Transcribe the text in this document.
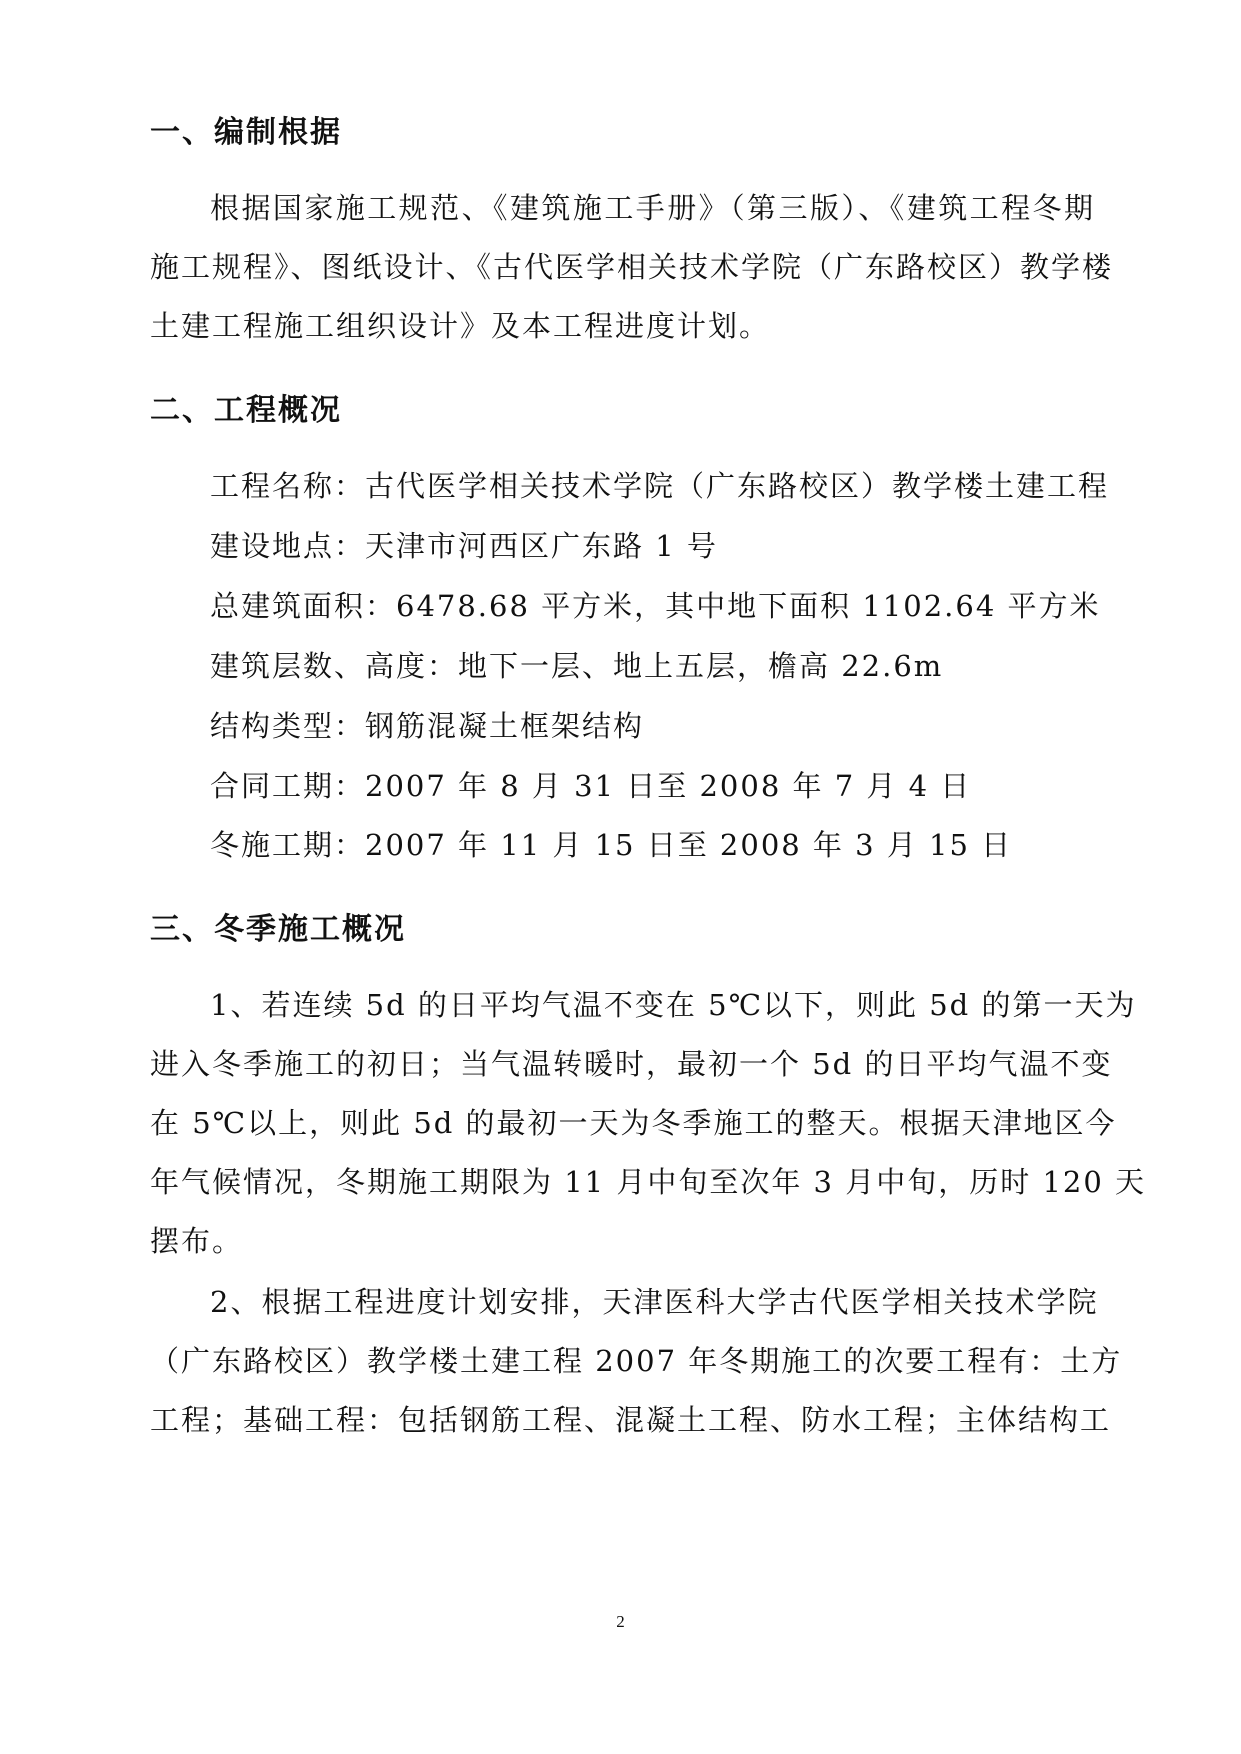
一、编制根据

根据国家施工规范、《建筑施工手册》（第三版）、《建筑工程冬期

施工规程》、图纸设计、《古代医学相关技术学院（广东路校区）教学楼

土建工程施工组织设计》及本工程进度计划。

二、工程概况

工程名称：古代医学相关技术学院（广东路校区）教学楼土建工程

建设地点：天津市河西区广东路 1 号

总建筑面积：6478.68 平方米，其中地下面积 1102.64 平方米

建筑层数、高度：地下一层、地上五层，檐高 22.6m

结构类型：钢筋混凝土框架结构

合同工期：2007 年 8 月 31 日至 2008 年 7 月 4 日

冬施工期：2007 年 11 月 15 日至 2008 年 3 月 15 日

三、冬季施工概况

1、若连续 5d 的日平均气温不变在 5℃以下，则此 5d 的第一天为

进入冬季施工的初日；当气温转暖时，最初一个 5d 的日平均气温不变

在 5℃以上，则此 5d 的最初一天为冬季施工的整天。根据天津地区今

年气候情况，冬期施工期限为 11 月中旬至次年 3 月中旬，历时 120 天

摆布。

2、根据工程进度计划安排，天津医科大学古代医学相关技术学院

（广东路校区）教学楼土建工程 2007 年冬期施工的次要工程有：土方

工程；基础工程：包括钢筋工程、混凝土工程、防水工程；主体结构工

2
